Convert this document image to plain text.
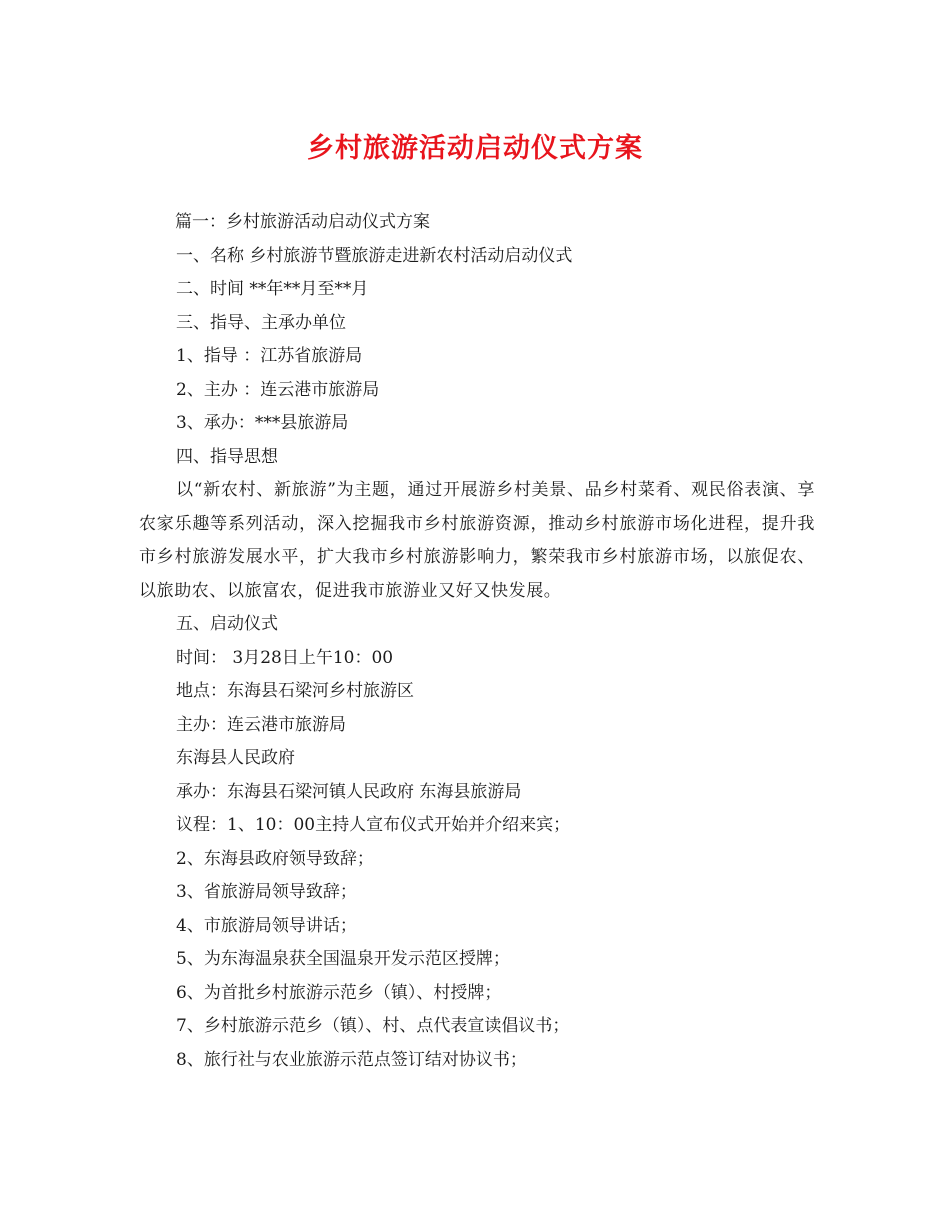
乡村旅游活动启动仪式方案
篇一：乡村旅游活动启动仪式方案
一、名称 乡村旅游节暨旅游走进新农村活动启动仪式
二、时间 **年**月至**月
三、指导、主承办单位
1、指导 ：江苏省旅游局
2、主办 ：连云港市旅游局
3、承办：***县旅游局
四、指导思想
以“新农村、新旅游”为主题，通过开展游乡村美景、品乡村菜肴、观民俗表演、享农家乐趣等系列活动，深入挖掘我市乡村旅游资源，推动乡村旅游市场化进程，提升我市乡村旅游发展水平，扩大我市乡村旅游影响力，繁荣我市乡村旅游市场，以旅促农、以旅助农、以旅富农，促进我市旅游业又好又快发展。
五、启动仪式
时间： 3月28日上午10：00
地点：东海县石梁河乡村旅游区
主办：连云港市旅游局
东海县人民政府
承办：东海县石梁河镇人民政府 东海县旅游局
议程：1、10：00主持人宣布仪式开始并介绍来宾；
2、东海县政府领导致辞；
3、省旅游局领导致辞；
4、市旅游局领导讲话；
5、为东海温泉获全国温泉开发示范区授牌；
6、为首批乡村旅游示范乡（镇）、村授牌；
7、乡村旅游示范乡（镇）、村、点代表宣读倡议书；
8、旅行社与农业旅游示范点签订结对协议书；
